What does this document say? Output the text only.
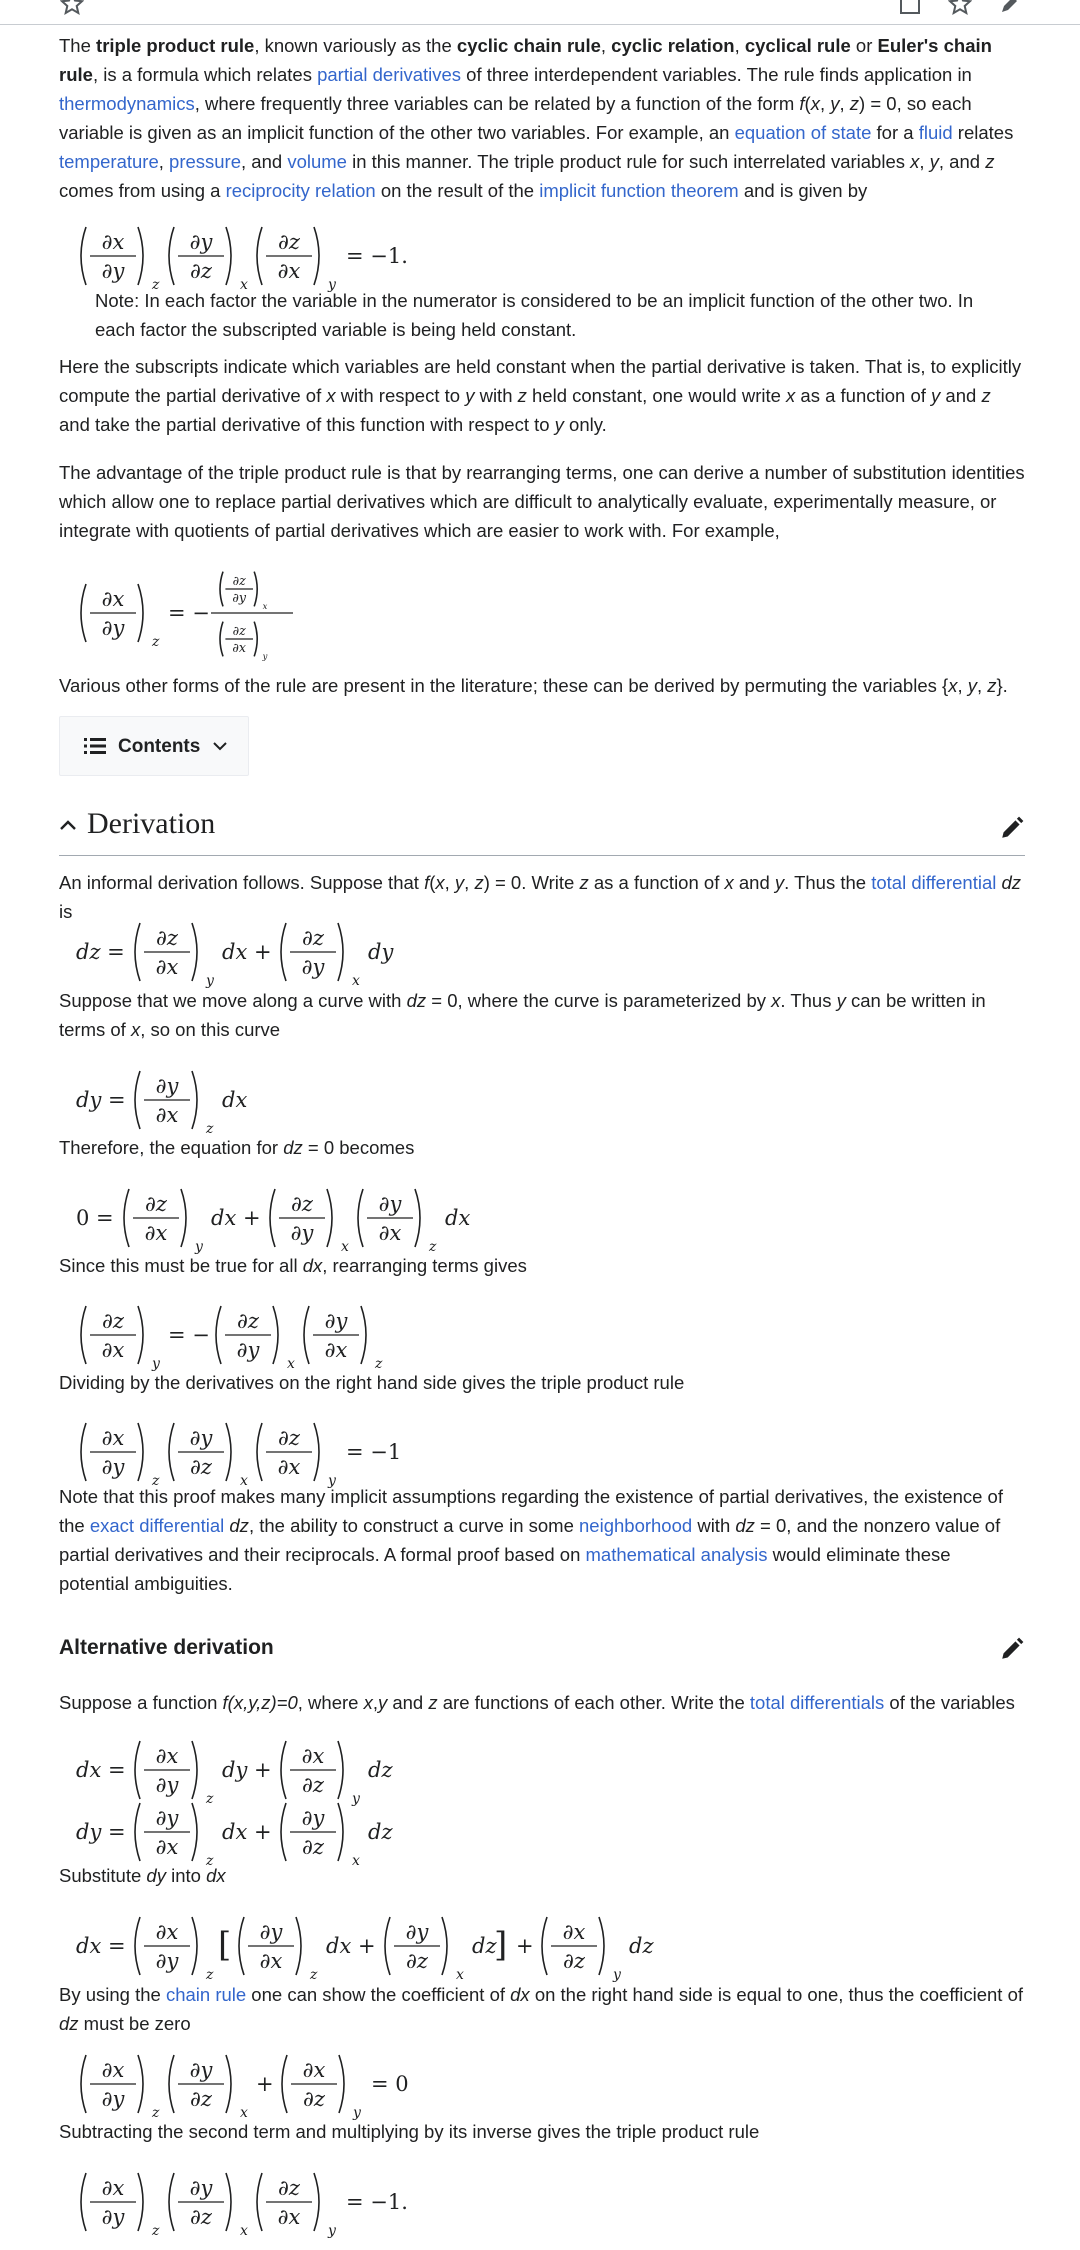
The triple product rule, known variously as the cyclic chain rule, cyclic relation, cyclical rule or Euler's chain rule, is a formula which relates partial derivatives of three interdependent variables. The rule finds application in thermodynamics, where frequently three variables can be related by a function of the form f(x, y, z) = 0, so each variable is given as an implicit function of the other two variables. For example, an equation of state for a fluid relates temperature, pressure, and volume in this manner. The triple product rule for such interrelated variables x, y, and z comes from using a reciprocity relation on the result of the implicit function theorem and is given by

∂x
∂y
z
∂y
∂z
x
∂z
∂x
y
= −1.

Note: In each factor the variable in the numerator is considered to be an implicit function of the other two. In each factor the subscripted variable is being held constant.

Here the subscripts indicate which variables are held constant when the partial derivative is taken. That is, to explicitly compute the partial derivative of x with respect to y with z held constant, one would write x as a function of y and z and take the partial derivative of this function with respect to y only.

The advantage of the triple product rule is that by rearranging terms, one can derive a number of substitution identities which allow one to replace partial derivatives which are difficult to analytically evaluate, experimentally measure, or integrate with quotients of partial derivatives which are easier to work with. For example,

∂x
∂y
z
= −
∂z
∂y
x
∂z
∂x
y

Various other forms of the rule are present in the literature; these can be derived by permuting the variables {x, y, z}.

Contents
Derivation

An informal derivation follows. Suppose that f(x, y, z) = 0. Write z as a function of x and y. Thus the total differential dz is

dz =
∂z
∂x
y
dx +
∂z
∂y
x
dy

Suppose that we move along a curve with dz = 0, where the curve is parameterized by x. Thus y can be written in terms of x, so on this curve

dy =
∂y
∂x
z
dx

Therefore, the equation for dz = 0 becomes

0 =
∂z
∂x
y
dx +
∂z
∂y
x
∂y
∂x
z
dx

Since this must be true for all dx, rearranging terms gives

∂z
∂x
y
= −
∂z
∂y
x
∂y
∂x
z

Dividing by the derivatives on the right hand side gives the triple product rule

∂x
∂y
z
∂y
∂z
x
∂z
∂x
y
= −1

Note that this proof makes many implicit assumptions regarding the existence of partial derivatives, the existence of the exact differential dz, the ability to construct a curve in some neighborhood with dz = 0, and the nonzero value of partial derivatives and their reciprocals. A formal proof based on mathematical analysis would eliminate these potential ambiguities.

Alternative derivation

Suppose a function f(x,y,z)=0, where x,y and z are functions of each other. Write the total differentials of the variables

dx =
∂x
∂y
z
dy +
∂x
∂z
y
dz
dy =
∂y
∂x
z
dx +
∂y
∂z
x
dz

Substitute dy into dx

dx =
∂x
∂y
z
[ ∂y
∂x
z
dx +
∂y
∂z
x
dz
] +
∂x
∂z
y
dz

By using the chain rule one can show the coefficient of dx on the right hand side is equal to one, thus the coefficient of dz must be zero

∂x
∂y
z
∂y
∂z
x
+
∂x
∂z
y
= 0

Subtracting the second term and multiplying by its inverse gives the triple product rule

∂x
∂y
z
∂y
∂z
x
∂z
∂x
y
= −1.
